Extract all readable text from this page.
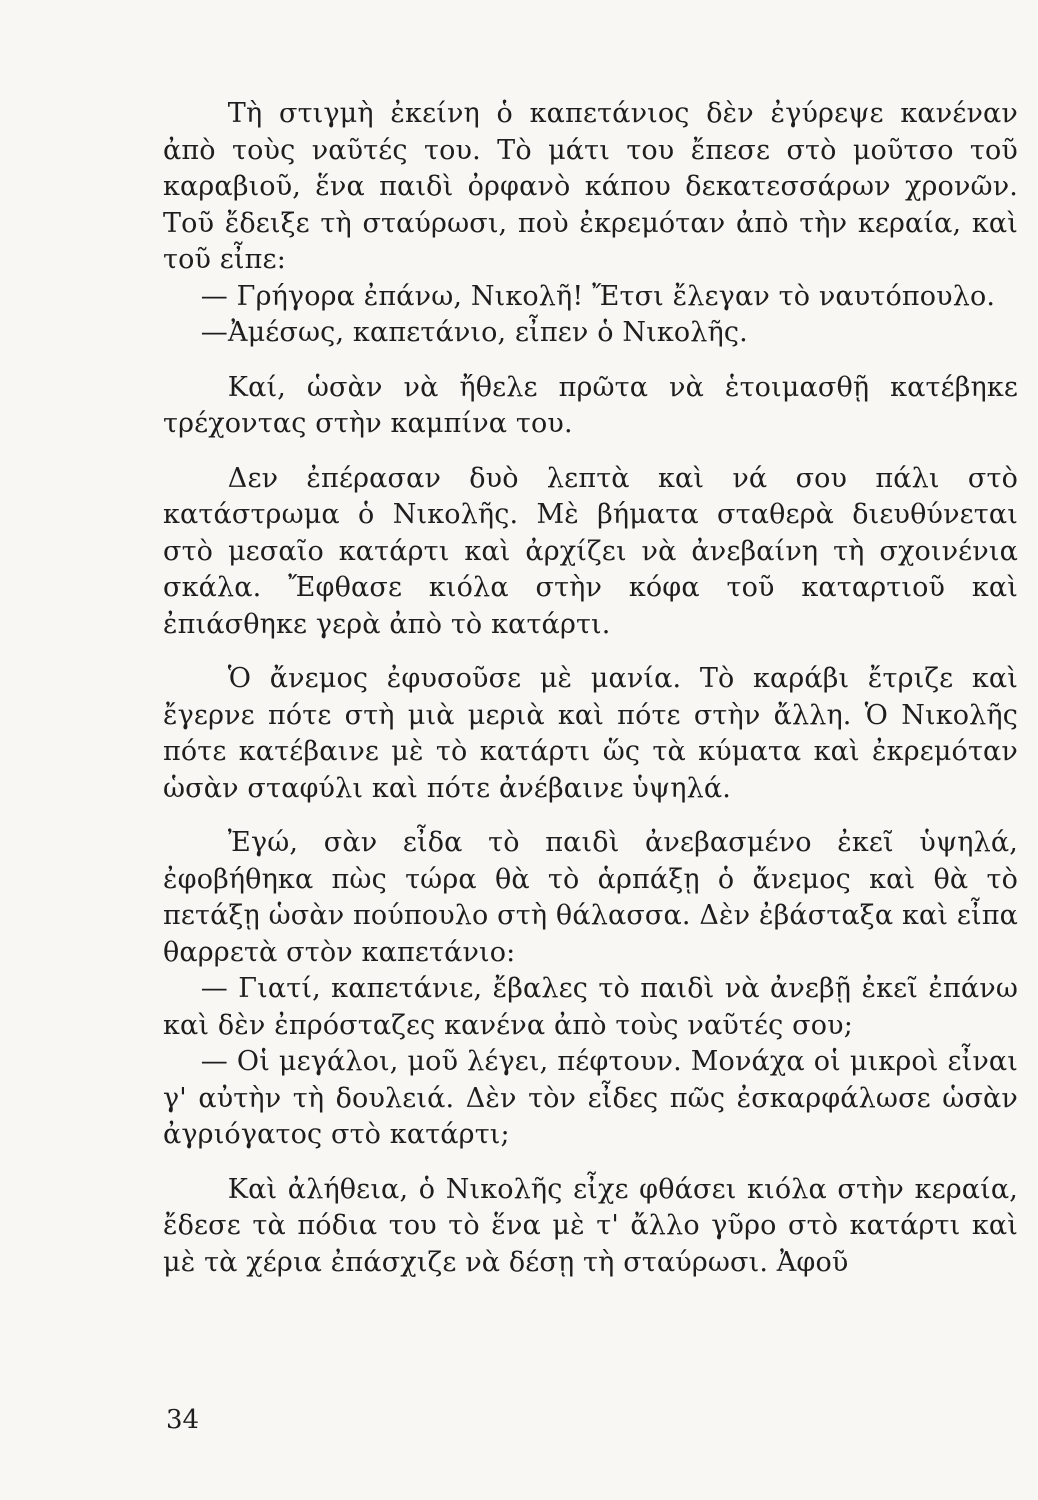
Τὴ στιγμὴ ἐκείνη ὁ καπετάνιος δὲν ἐγύρεψε κανέναν ἀπὸ τοὺς ναῦτές του. Τὸ μάτι του ἔπεσε στὸ μοῦτσο τοῦ καραβιοῦ, ἕνα παιδὶ ὀρφανὸ κάπου δεκατεσσάρων χρονῶν. Τοῦ ἔδειξε τὴ σταύρωσι, ποὺ ἐκρεμόταν ἀπὸ τὴν κεραία, καὶ τοῦ εἶπε:

— Γρήγορα ἐπάνω, Νικολῆ! Ἔτσι ἔλεγαν τὸ ναυτόπουλο.

—Ἀμέσως, καπετάνιο, εἶπεν ὁ Νικολῆς.

Καί, ὡσὰν νὰ ἤθελε πρῶτα νὰ ἑτοιμασθῇ κατέβηκε τρέχοντας στὴν καμπίνα του.

Δεν ἐπέρασαν δυὸ λεπτὰ καὶ νά σου πάλι στὸ κατάστρωμα ὁ Νικολῆς. Μὲ βήματα σταθερὰ διευθύνεται στὸ μεσαῖο κατάρτι καὶ ἀρχίζει νὰ ἀνεβαίνη τὴ σχοινένια σκάλα. Ἔφθασε κιόλα στὴν κόφα τοῦ καταρτιοῦ καὶ ἐπιάσθηκε γερὰ ἀπὸ τὸ κατάρτι.

Ὁ ἄνεμος ἐφυσοῦσε μὲ μανία. Τὸ καράβι ἔτριζε καὶ ἔγερνε πότε στὴ μιὰ μεριὰ καὶ πότε στὴν ἄλλη. Ὁ Νικολῆς πότε κατέβαινε μὲ τὸ κατάρτι ὥς τὰ κύματα καὶ ἐκρεμόταν ὡσὰν σταφύλι καὶ πότε ἀνέβαινε ὑψηλά.

Ἐγώ, σὰν εἶδα τὸ παιδὶ ἀνεβασμένο ἐκεῖ ὑψηλά, ἐφοβήθηκα πὼς τώρα θὰ τὸ ἁρπάξῃ ὁ ἄνεμος καὶ θὰ τὸ πετάξῃ ὡσὰν πούπουλο στὴ θάλασσα. Δὲν ἐβάσταξα καὶ εἶπα θαρρετὰ στὸν καπετάνιο:

— Γιατί, καπετάνιε, ἔβαλες τὸ παιδὶ νὰ ἀνεβῇ ἐκεῖ ἐπάνω καὶ δὲν ἐπρόσταζες κανένα ἀπὸ τοὺς ναῦτές σου;

— Οἱ μεγάλοι, μοῦ λέγει, πέφτουν. Μονάχα οἱ μικροὶ εἶναι γ' αὐτὴν τὴ δουλειά. Δὲν τὸν εἶδες πῶς ἐσκαρφάλωσε ὡσὰν ἀγριόγατος στὸ κατάρτι;

Καὶ ἀλήθεια, ὁ Νικολῆς εἶχε φθάσει κιόλα στὴν κεραία, ἔδεσε τὰ πόδια του τὸ ἕνα μὲ τ' ἄλλο γῦρο στὸ κατάρτι καὶ μὲ τὰ χέρια ἐπάσχιζε νὰ δέσῃ τὴ σταύρωσι. Ἀφοῦ

34
